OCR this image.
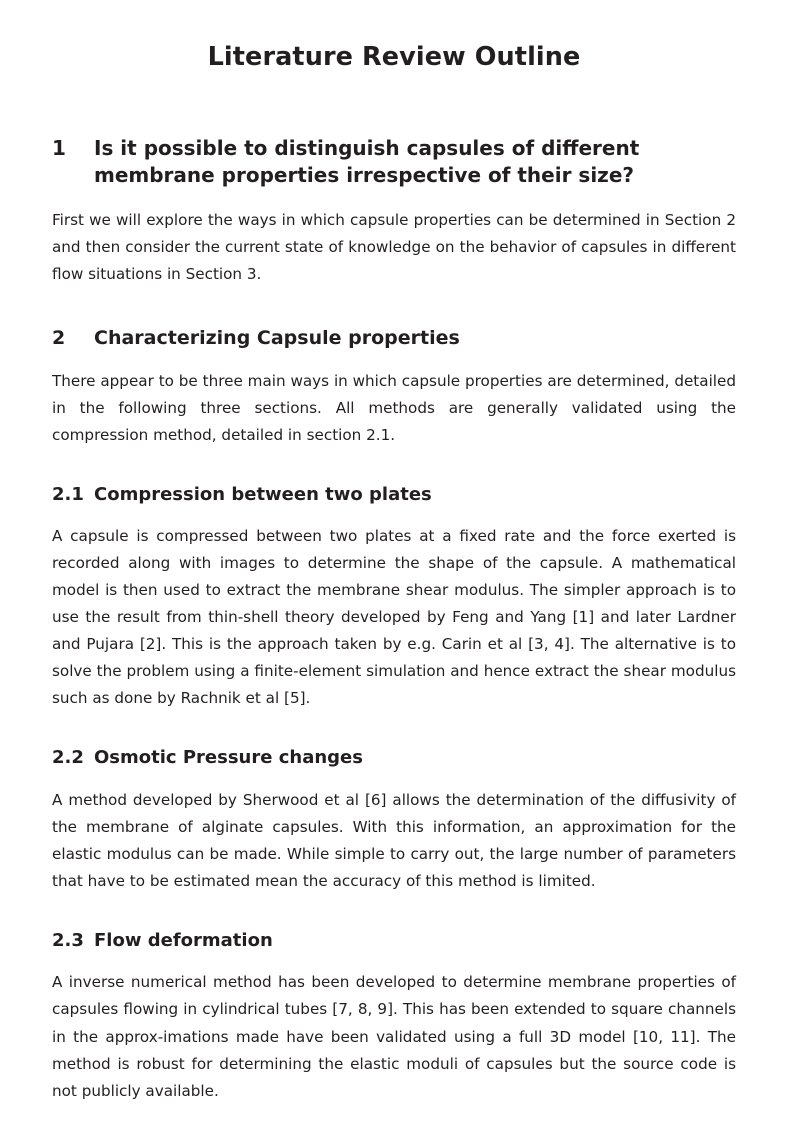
Literature Review Outline
1	Is it possible to distinguish capsules of different membrane properties irrespective of their size?

First we will explore the ways in which capsule properties can be determined in Section 2 and then consider the current state of knowledge on the behavior of capsules in different flow situations in Section 3.

2	Characterizing Capsule properties

There appear to be three main ways in which capsule properties are determined, detailed in the following three sections. All methods are generally validated using the compression method, detailed in section 2.1.

2.1 Compression between two plates

A capsule is compressed between two plates at a fixed rate and the force exerted is recorded along with images to determine the shape of the capsule. A mathematical model is then used to extract the membrane shear modulus. The simpler approach is to use the result from thin-shell theory developed by Feng and Yang [1] and later Lardner and Pujara [2]. This is the approach taken by e.g. Carin et al [3, 4]. The alternative is to solve the problem using a finite-element simulation and hence extract the shear modulus such as done by Rachnik et al [5].

2.2 Osmotic Pressure changes

A method developed by Sherwood et al [6] allows the determination of the diffusivity of the membrane of alginate capsules. With this information, an approximation for the elastic modulus can be made. While simple to carry out, the large number of parameters that have to be estimated mean the accuracy of this method is limited.

2.3 Flow deformation

A inverse numerical method has been developed to determine membrane properties of capsules flowing in cylindrical tubes [7, 8, 9]. This has been extended to square channels in the approx-imations made have been validated using a full 3D model [10, 11]. The method is robust for determining the elastic moduli of capsules but the source code is not publicly available.
